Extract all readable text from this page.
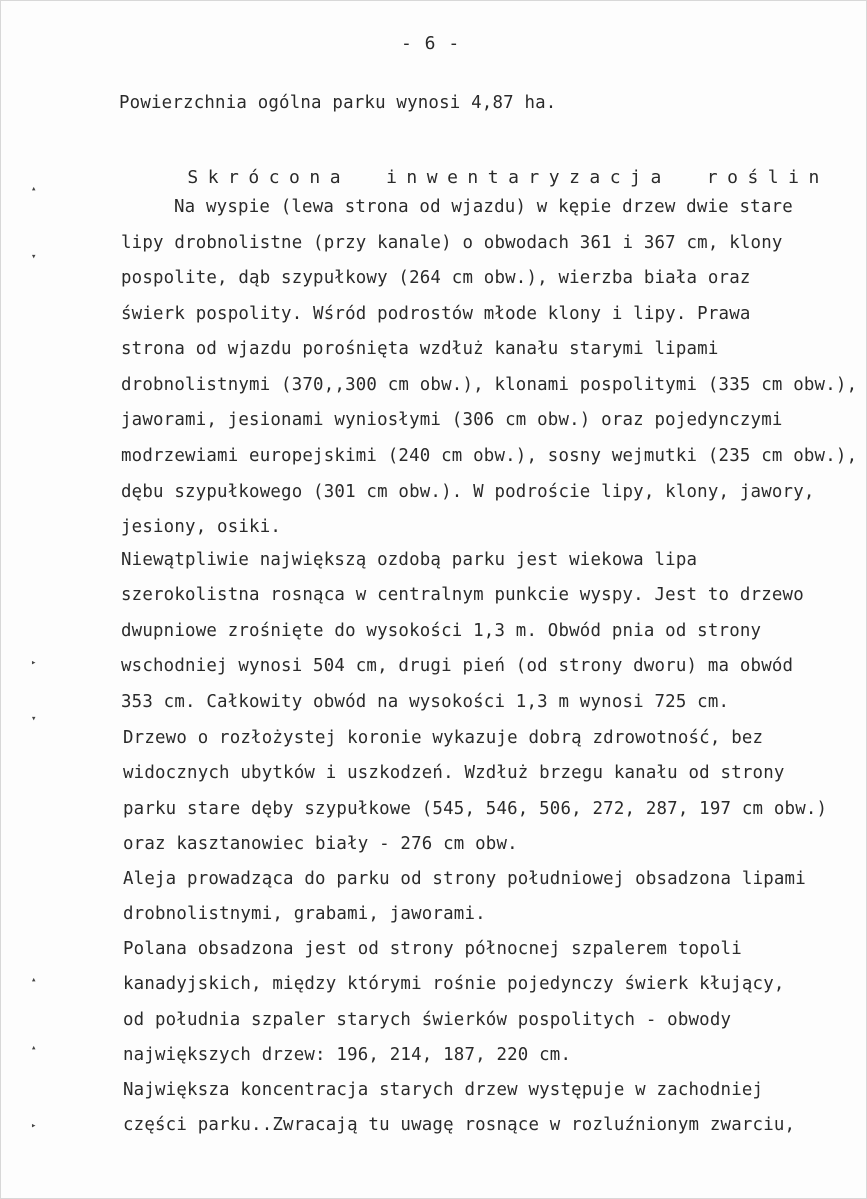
- 6 -
Powierzchnia ogólna parku wynosi 4,87 ha.

Skrócona inwentaryzacja roślin

Na wyspie (lewa strona od wjazdu) w kępie drzew dwie stare
lipy drobnolistne (przy kanale) o obwodach 361 i 367 cm, klony
pospolite, dąb szypułkowy (264 cm obw.), wierzba biała oraz
świerk pospolity. Wśród podrostów młode klony i lipy. Prawa
strona od wjazdu porośnięta wzdłuż kanału starymi lipami
drobnolistnymi (370,,300 cm obw.), klonami pospolitymi (335 cm obw.),
jaworami, jesionami wyniosłymi (306 cm obw.) oraz pojedynczymi
modrzewiami europejskimi (240 cm obw.), sosny wejmutki (235 cm obw.),
dębu szypułkowego (301 cm obw.). W podroście lipy, klony, jawory,
jesiony, osiki.
Niewątpliwie największą ozdobą parku jest wiekowa lipa
szerokolistna rosnąca w centralnym punkcie wyspy. Jest to drzewo
dwupniowe zrośnięte do wysokości 1,3 m. Obwód pnia od strony
wschodniej wynosi 504 cm, drugi pień (od strony dworu) ma obwód
353 cm. Całkowity obwód na wysokości 1,3 m wynosi 725 cm.
Drzewo o rozłożystej koronie wykazuje dobrą zdrowotność, bez
widocznych ubytków i uszkodzeń. Wzdłuż brzegu kanału od strony
parku stare dęby szypułkowe (545, 546, 506, 272, 287, 197 cm obw.)
oraz kasztanowiec biały - 276 cm obw.
Aleja prowadząca do parku od strony południowej obsadzona lipami
drobnolistnymi, grabami, jaworami.
Polana obsadzona jest od strony północnej szpalerem topoli
kanadyjskich, między którymi rośnie pojedynczy świerk kłujący,
od południa szpaler starych świerków pospolitych - obwody
największych drzew: 196, 214, 187, 220 cm.
Największa koncentracja starych drzew występuje w zachodniej
części parku..Zwracają tu uwagę rosnące w rozluźnionym zwarciu,
▴
▾
▸
▾
▴
▴
▸
